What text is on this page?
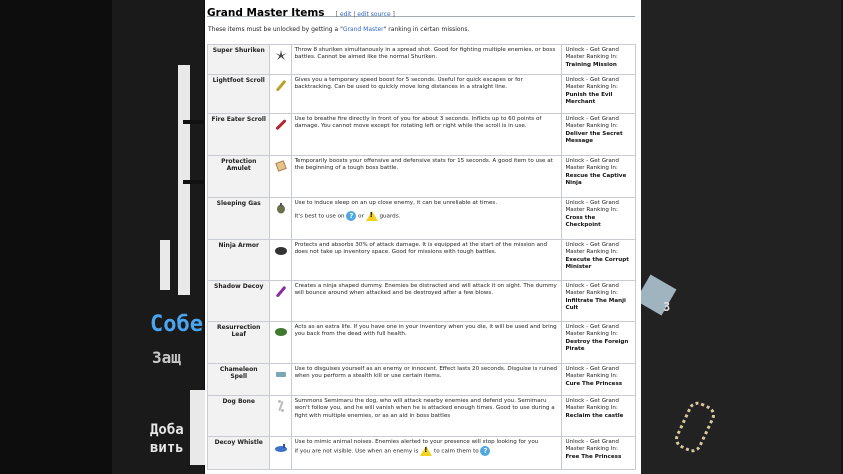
Собе
Защ
Доба
вить
3
Grand Master Items [ edit | edit source ]
These items must be unlocked by getting a "Grand Master" ranking in certan missions.
Super Shuriken		Throw 8 shuriken simultanously in a spread shot. Good for fighting multiple enemies, or boss battles. Cannot be aimed like the normal Shuriken.	Unlock - Get Grand Master Ranking In:
Training Mission
Lightfoot Scroll		Gives you a temporary speed boost for 5 seconds. Useful for quick escapes or for backtracking. Can be used to quickly move long distances in a straight line.	Unlock - Get Grand Master Ranking In:
Punish the Evil Merchant
Fire Eater Scroll		Use to breathe fire directly in front of you for about 3 seconds. Inflicts up to 60 points of damage. You cannot move except for rotating left or right while the scroll is in use.	Unlock - Get Grand Master Ranking In:
Deliver the Secret Message
Protection Amulet		Temporarily boosts your offensive and defensive stats for 15 seconds. A good item to use at the beginning of a tough boss battle.	Unlock - Get Grand Master Ranking In:
Rescue the Captive Ninja
Sleeping Gas		Use to induce sleep on an up close enemy, it can be unreliable at times.
It's best to use on ? or ! guards.	Unlock - Get Grand Master Ranking In:
Cross the Checkpoint
Ninja Armor		Protects and absorbs 30% of attack damage. It is equipped at the start of the mission and does not take up inventory space. Good for missions with tough battles.	Unlock - Get Grand Master Ranking In:
Execute the Corrupt Minister
Shadow Decoy		Creates a ninja shaped dummy. Enemies be distracted and will attack it on sight. The dummy will bounce around when attacked and be destroyed after a few blows.	Unlock - Get Grand Master Ranking In:
Infiltrate The Manji Cult
Resurrection Leaf		Acts as an extra life. If you have one in your inventory when you die, it will be used and bring you back from the dead with full health.	Unlock - Get Grand Master Ranking In:
Destroy the Foreign Pirate
Chameleon Spell		Use to disguises yourself as an enemy or innocent. Effect lasts 20 seconds. Disguise is ruined when you perform a stealth kill or use certain items.	Unlock - Get Grand Master Ranking In:
Cure The Princess
Dog Bone		Summons Semimaru the dog, who will attack nearby enemies and defend you. Semimaru won't follow you, and he will vanish when he is attacked enough times. Good to use during a fight with multiple enemies, or as an aid in boss battles	Unlock - Get Grand Master Ranking In:
Reclaim the castle
Decoy Whistle		Use to mimic animal noises. Enemies alerted to your presence will stop looking for you
if you are not visible. Use when an enemy is ! to calm them to ?	Unlock - Get Grand Master Ranking In:
Free The Princess
